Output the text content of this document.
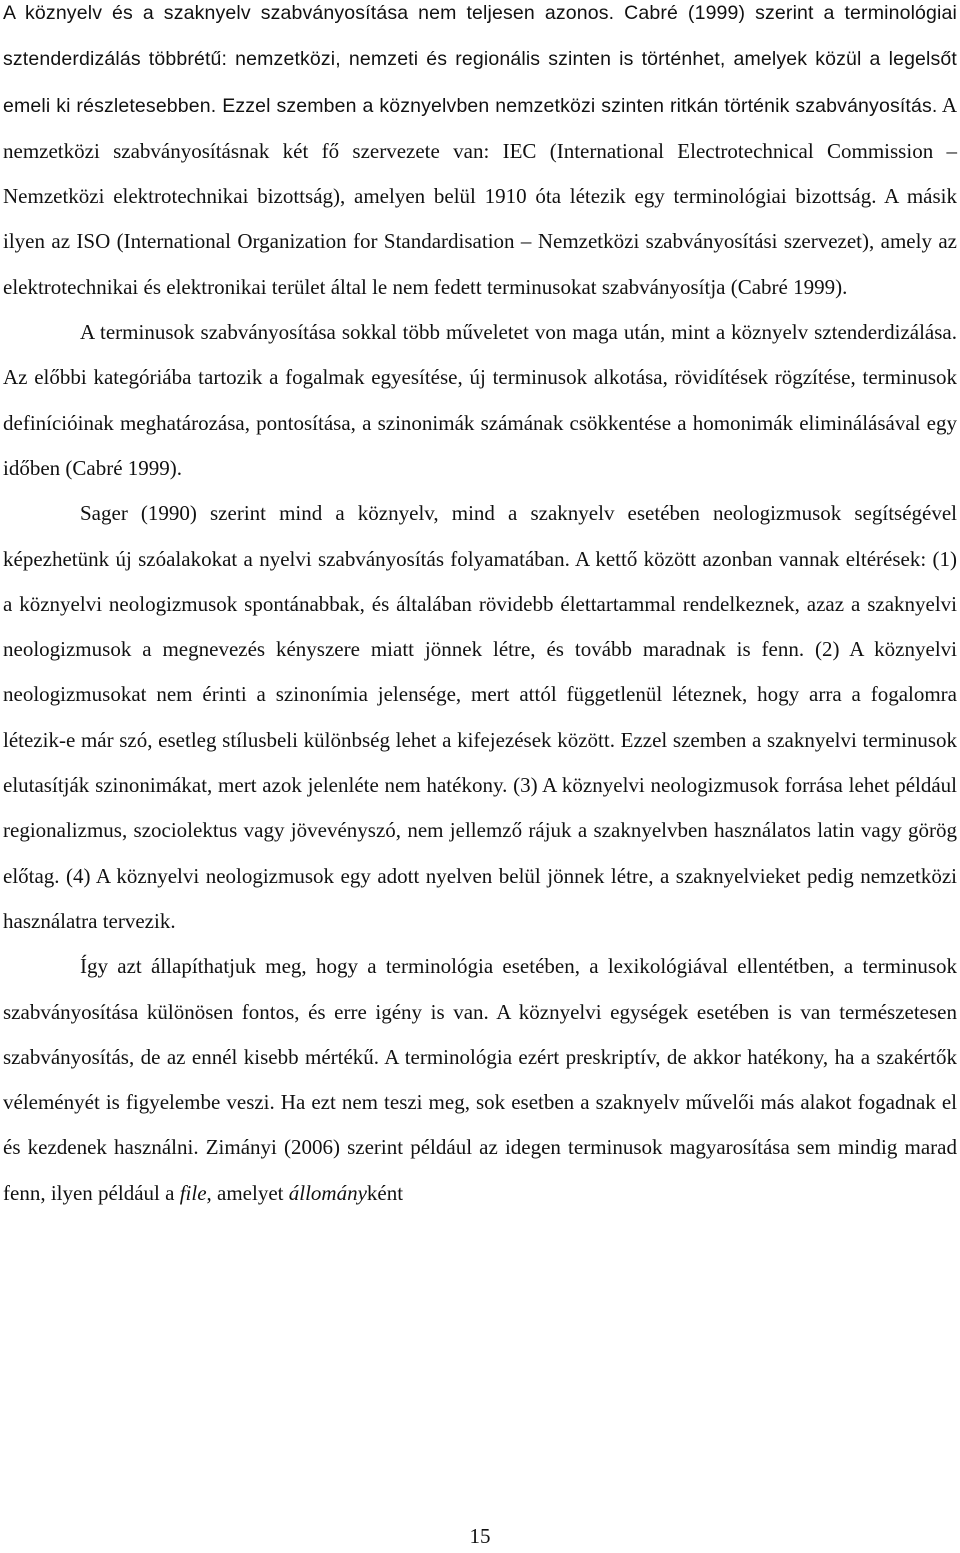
A köznyelv és a szaknyelv szabványosítása nem teljesen azonos. Cabré (1999) szerint a terminológiai sztenderdizálás többrétű: nemzetközi, nemzeti és regionális szinten is történhet, amelyek közül a legelsőt emeli ki részletesebben. Ezzel szemben a köznyelvben nemzetközi szinten ritkán történik szabványosítás. A nemzetközi szabványosításnak két fő szervezete van: IEC (International Electrotechnical Commission – Nemzetközi elektrotechnikai bizottság), amelyen belül 1910 óta létezik egy terminológiai bizottság. A másik ilyen az ISO (International Organization for Standardisation – Nemzetközi szabványosítási szervezet), amely az elektrotechnikai és elektronikai terület által le nem fedett terminusokat szabványosítja (Cabré 1999).

A terminusok szabványosítása sokkal több műveletet von maga után, mint a köznyelv sztenderdizálása. Az előbbi kategóriába tartozik a fogalmak egyesítése, új terminusok alkotása, rövidítések rögzítése, terminusok definícióinak meghatározása, pontosítása, a szinonimák számának csökkentése a homonimák eliminálásával egy időben (Cabré 1999).

Sager (1990) szerint mind a köznyelv, mind a szaknyelv esetében neologizmusok segítségével képezhetünk új szóalakokat a nyelvi szabványosítás folyamatában. A kettő között azonban vannak eltérések: (1) a köznyelvi neologizmusok spontánabbak, és általában rövidebb élettartammal rendelkeznek, azaz a szaknyelvi neologizmusok a megnevezés kényszere miatt jönnek létre, és tovább maradnak is fenn. (2) A köznyelvi neologizmusokat nem érinti a szinonímia jelensége, mert attól függetlenül léteznek, hogy arra a fogalomra létezik-e már szó, esetleg stílusbeli különbség lehet a kifejezések között. Ezzel szemben a szaknyelvi terminusok elutasítják szinonimákat, mert azok jelenléte nem hatékony. (3) A köznyelvi neologizmusok forrása lehet például regionalizmus, szociolektus vagy jövevényszó, nem jellemző rájuk a szaknyelvben használatos latin vagy görög előtag. (4) A köznyelvi neologizmusok egy adott nyelven belül jönnek létre, a szaknyelvieket pedig nemzetközi használatra tervezik.

Így azt állapíthatjuk meg, hogy a terminológia esetében, a lexikológiával ellentétben, a terminusok szabványosítása különösen fontos, és erre igény is van. A köznyelvi egységek esetében is van természetesen szabványosítás, de az ennél kisebb mértékű. A terminológia ezért preskriptív, de akkor hatékony, ha a szakértők véleményét is figyelembe veszi. Ha ezt nem teszi meg, sok esetben a szaknyelv művelői más alakot fogadnak el és kezdenek használni. Zimányi (2006) szerint például az idegen terminusok magyarosítása sem mindig marad fenn, ilyen például a file, amelyet állományként

15
